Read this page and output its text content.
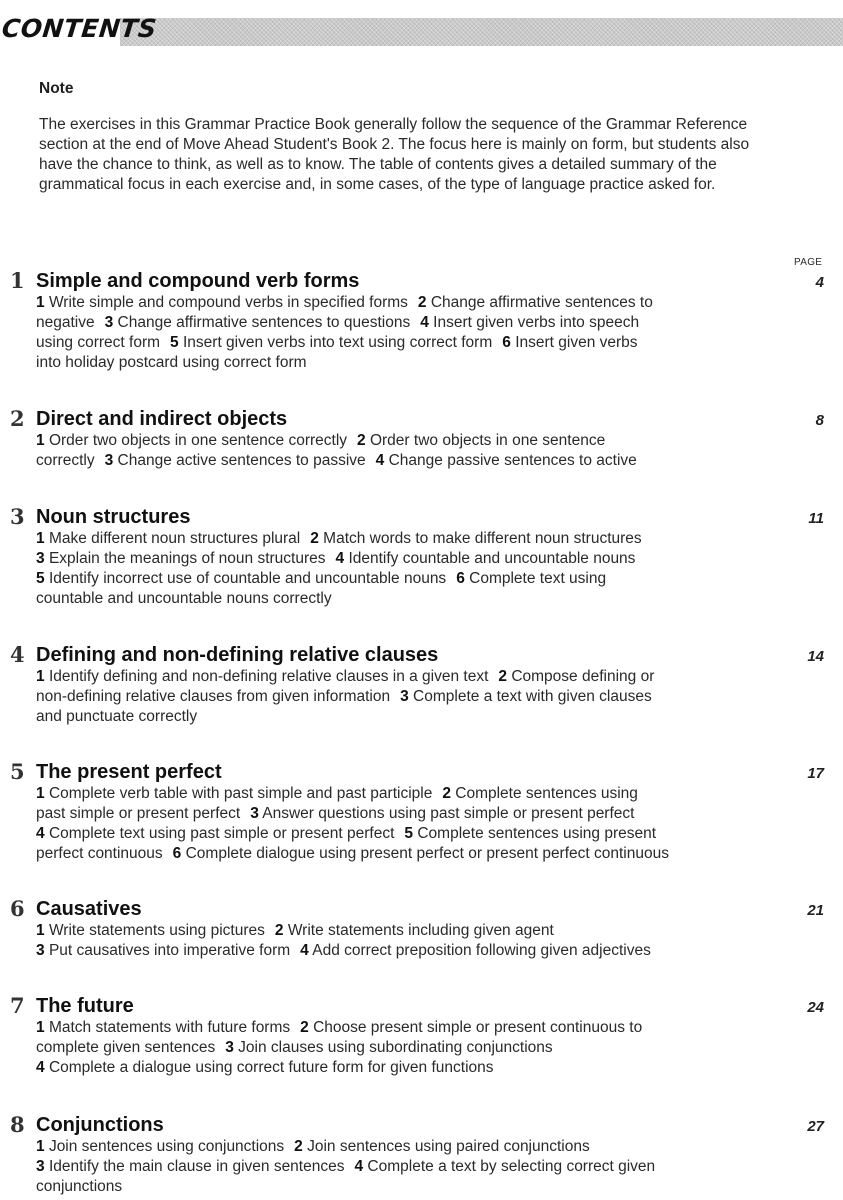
CONTENTS
Note
The exercises in this Grammar Practice Book generally follow the sequence of the Grammar Reference section at the end of Move Ahead Student's Book 2. The focus here is mainly on form, but students also have the chance to think, as well as to know. The table of contents gives a detailed summary of the grammatical focus in each exercise and, in some cases, of the type of language practice asked for.
PAGE
1 Simple and compound verb forms	4
1 Write simple and compound verbs in specified forms 2 Change affirmative sentences to
negative 3 Change affirmative sentences to questions 4 Insert given verbs into speech
using correct form 5 Insert given verbs into text using correct form 6 Insert given verbs
into holiday postcard using correct form
2 Direct and indirect objects	8
1 Order two objects in one sentence correctly 2 Order two objects in one sentence
correctly 3 Change active sentences to passive 4 Change passive sentences to active
3 Noun structures	11
1 Make different noun structures plural 2 Match words to make different noun structures
3 Explain the meanings of noun structures 4 Identify countable and uncountable nouns
5 Identify incorrect use of countable and uncountable nouns 6 Complete text using
countable and uncountable nouns correctly
4 Defining and non-defining relative clauses	14
1 Identify defining and non-defining relative clauses in a given text 2 Compose defining or
non-defining relative clauses from given information 3 Complete a text with given clauses
and punctuate correctly
5 The present perfect	17
1 Complete verb table with past simple and past participle 2 Complete sentences using
past simple or present perfect 3 Answer questions using past simple or present perfect
4 Complete text using past simple or present perfect 5 Complete sentences using present
perfect continuous 6 Complete dialogue using present perfect or present perfect continuous
6 Causatives	21
1 Write statements using pictures 2 Write statements including given agent
3 Put causatives into imperative form 4 Add correct preposition following given adjectives
7 The future	24
1 Match statements with future forms 2 Choose present simple or present continuous to
complete given sentences 3 Join clauses using subordinating conjunctions
4 Complete a dialogue using correct future form for given functions
8 Conjunctions	27
1 Join sentences using conjunctions 2 Join sentences using paired conjunctions
3 Identify the main clause in given sentences 4 Complete a text by selecting correct given
conjunctions
